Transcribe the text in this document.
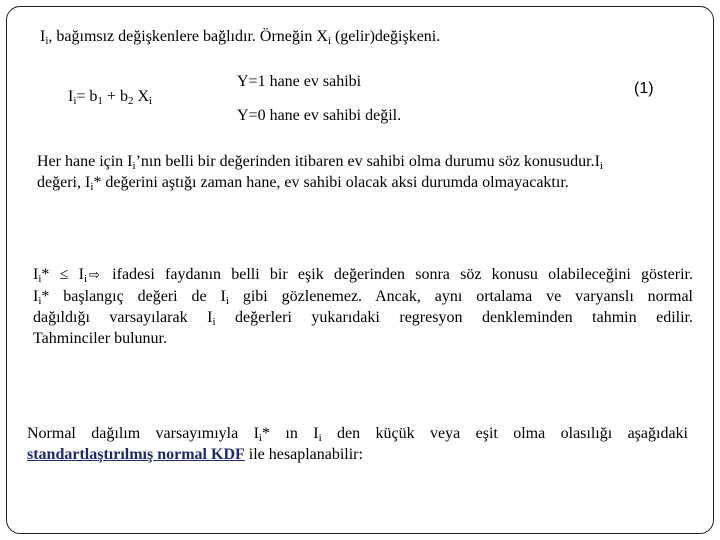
$I_i$, bağımsız değişkenlere bağlıdır. Örneğin $X_i$ (gelir)değişkeni.
$I_i= b_1 + b_2$ $X_i$
Y=1 hane ev sahibi
Y=0 hane ev sahibi değil.
(1)
Her hane için $I_i’nın$ belli bir değerinden itibaren ev sahibi olma durumu söz $konusudur.I_i$
değeri, $I_i*$ değerini aştığı zaman hane, ev sahibi olacak aksi durumda olmayacaktır.
$I_i* \le I_i$ ⇨ ifadesi faydanın belli bir eşik değerinden sonra söz konusu olabileceğini gösterir.
$I_i*$ başlangıç değeri de $I_i$ gibi gözlenemez. Ancak, aynı ortalama ve varyanslı normal
dağıldığı varsayılarak $I_i$ değerleri yukarıdaki regresyon denkleminden tahmin edilir.
Tahminciler bulunur.
Normal dağılım varsayımıyla $I_i*$ ın $I_i$ den küçük veya eşit olma olasılığı aşağıdaki
standartlaştırılmış normal KDF ile hesaplanabilir:
